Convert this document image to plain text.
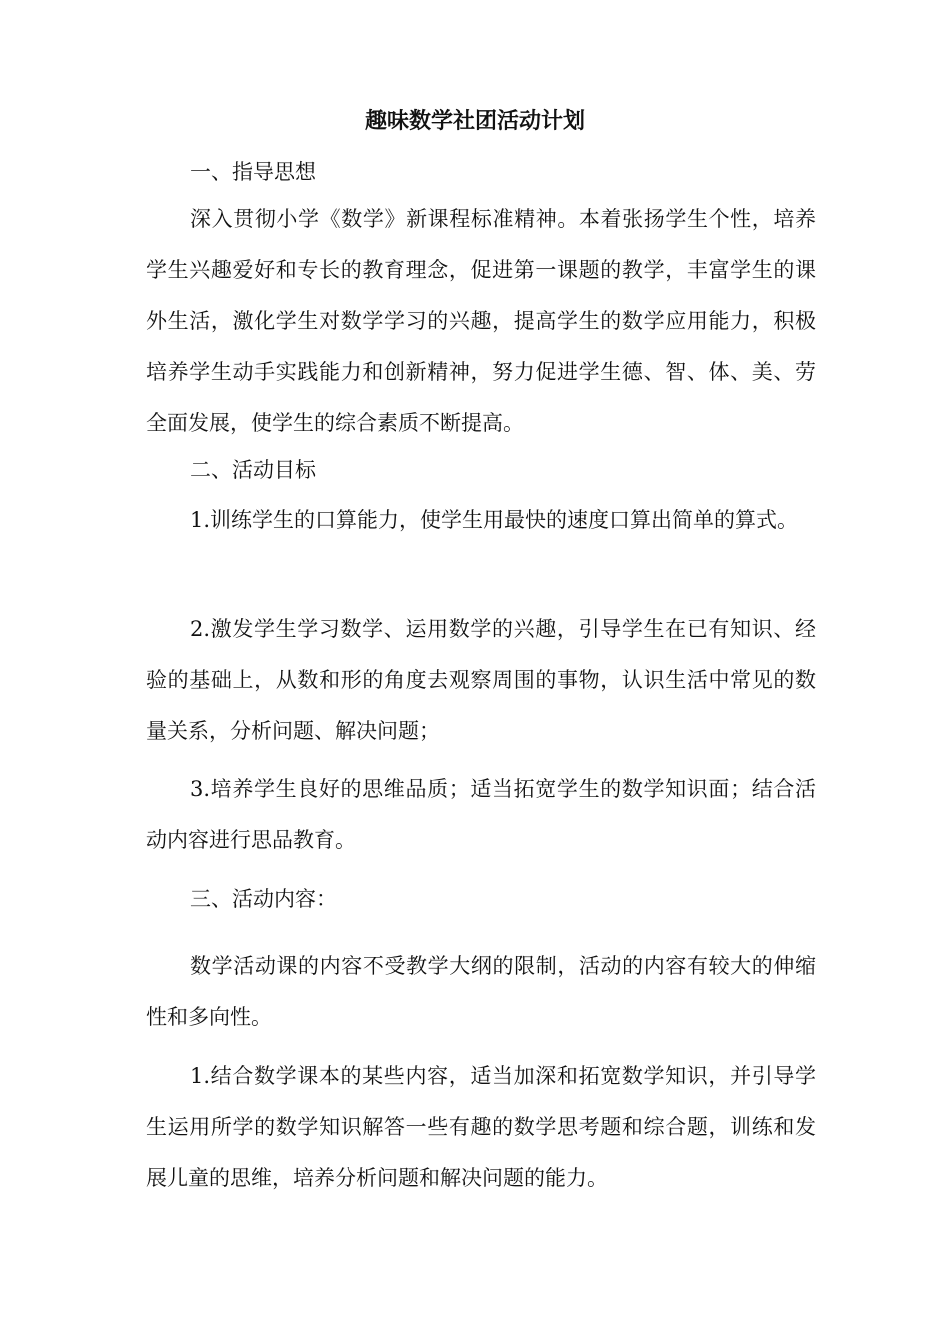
趣味数学社团活动计划
一、指导思想
深入贯彻小学《数学》新课程标准精神。本着张扬学生个性，培养学生兴趣爱好和专长的教育理念，促进第一课题的教学，丰富学生的课外生活，激化学生对数学学习的兴趣，提高学生的数学应用能力，积极培养学生动手实践能力和创新精神，努力促进学生德、智、体、美、劳全面发展，使学生的综合素质不断提高。
二、活动目标
1.训练学生的口算能力，使学生用最快的速度口算出简单的算式。
2.激发学生学习数学、运用数学的兴趣，引导学生在已有知识、经验的基础上，从数和形的角度去观察周围的事物，认识生活中常见的数量关系，分析问题、解决问题；
3.培养学生良好的思维品质；适当拓宽学生的数学知识面；结合活动内容进行思品教育。
三、活动内容：
数学活动课的内容不受教学大纲的限制，活动的内容有较大的伸缩性和多向性。
1.结合数学课本的某些内容，适当加深和拓宽数学知识，并引导学生运用所学的数学知识解答一些有趣的数学思考题和综合题，训练和发展儿童的思维，培养分析问题和解决问题的能力。
